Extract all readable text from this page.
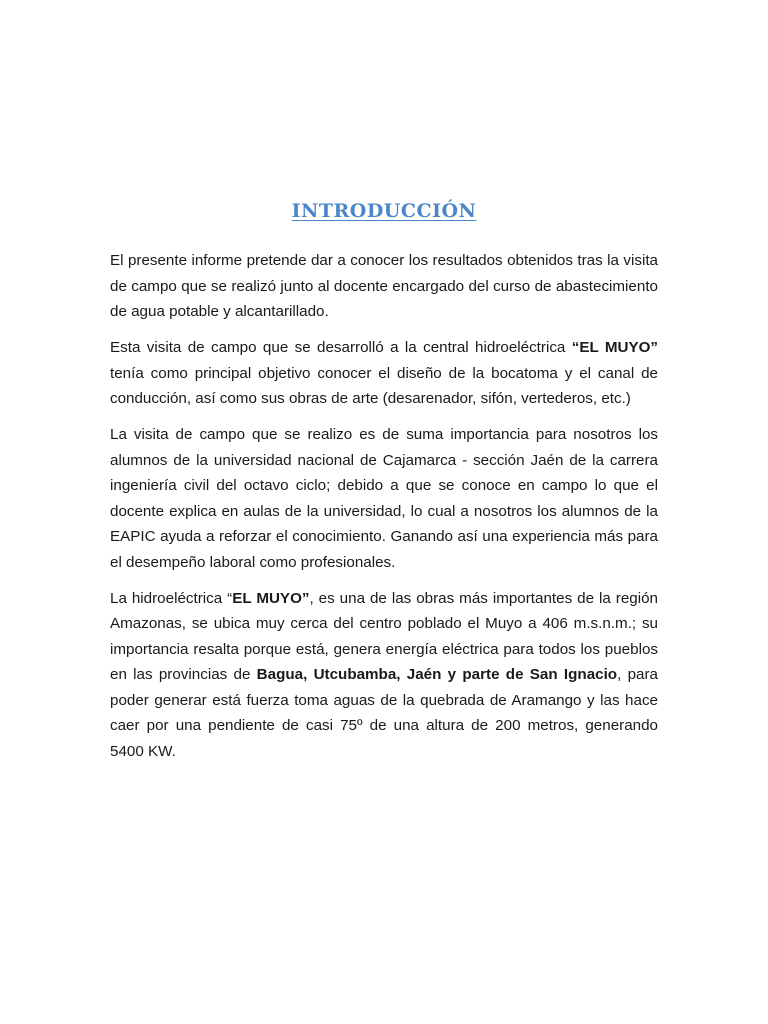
INTRODUCCIÓN

El presente informe pretende dar a conocer los resultados obtenidos tras la visita de campo que se realizó junto al docente encargado del curso de abastecimiento de agua potable y alcantarillado.

Esta visita de campo que se desarrolló a la central hidroeléctrica “EL MUYO” tenía como principal objetivo conocer el diseño de la bocatoma y el canal de conducción, así como sus obras de arte (desarenador, sifón, vertederos, etc.)

La visita de campo que se realizo es de suma importancia para nosotros los alumnos de la universidad nacional de Cajamarca - sección Jaén de la carrera ingeniería civil del octavo ciclo; debido a que se conoce en campo lo que el docente explica en aulas de la universidad, lo cual a nosotros los alumnos de la EAPIC ayuda a reforzar el conocimiento. Ganando así una experiencia más para el desempeño laboral como profesionales.

La hidroeléctrica “EL MUYO”, es una de las obras más importantes de la región Amazonas, se ubica muy cerca del centro poblado el Muyo a 406 m.s.n.m.; su importancia resalta porque está, genera energía eléctrica para todos los pueblos en las provincias de Bagua, Utcubamba, Jaén y parte de San Ignacio, para poder generar está fuerza toma aguas de la quebrada de Aramango y las hace caer por una pendiente de casi 75º de una altura de 200 metros, generando 5400 KW.
